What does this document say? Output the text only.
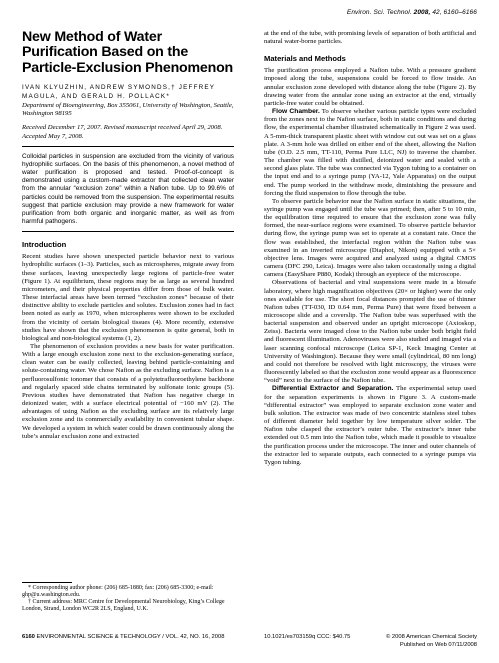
Environ. Sci. Technol. 2008, 42, 6160–6166
New Method of Water Purification Based on the Particle-Exclusion Phenomenon
IVAN KLYUZHIN, ANDREW SYMONDS,† JEFFREY MAGULA, AND GERALD H. POLLACK*
Department of Bioengineering, Box 355061, University of Washington, Seattle, Washington 98195
Received December 17, 2007. Revised manuscript received April 29, 2008. Accepted May 7, 2008.

Colloidal particles in suspension are excluded from the vicinity of various hydrophilic surfaces. On the basis of this phenomenon, a novel method of water purification is proposed and tested. Proof-of-concept is demonstrated using a custom-made extractor that collected clean water from the annular “exclusion zone” within a Nafion tube. Up to 99.6% of particles could be removed from the suspension. The experimental results suggest that particle exclusion may provide a new framework for water purification from both organic and inorganic matter, as well as from harmful pathogens.

Introduction

Recent studies have shown unexpected particle behavior next to various hydrophilic surfaces (1–3). Particles, such as microspheres, migrate away from these surfaces, leaving unexpectedly large regions of particle-free water (Figure 1). At equilibrium, these regions may be as large as several hundred micrometers, and their physical properties differ from those of bulk water. These interfacial areas have been termed “exclusion zones” because of their distinctive ability to exclude particles and solutes. Exclusion zones had in fact been noted as early as 1970, when microspheres were shown to be excluded from the vicinity of certain biological tissues (4). More recently, extensive studies have shown that the exclusion phenomenon is quite general, both in biological and non-biological systems (1, 2).

The phenomenon of exclusion provides a new basis for water purification. With a large enough exclusion zone next to the exclusion-generating surface, clean water can be easily collected, leaving behind particle-containing and solute-containing water. We chose Nafion as the excluding surface. Nafion is a perfluorosulfonic ionomer that consists of a polytetrafluoroethylene backbone and regularly spaced side chains terminated by sulfonate ionic groups (5). Previous studies have demonstrated that Nafion has negative charge in deionized water, with a surface electrical potential of −160 mV (2). The advantages of using Nafion as the excluding surface are its relatively large exclusion zone and its commercially availability in convenient tubular shape. We developed a system in which water could be drawn continuously along the tube’s annular exclusion zone and extracted

* Corresponding author phone: (206) 685-1880; fax: (206) 685-3300; e-mail: ghp@u.washington.edu.

† Current address: MRC Centre for Developmental Neurobiology, King’s College London, Strand, London WC2R 2LS, England, U.K.

at the end of the tube, with promising levels of separation of both artificial and natural water-borne particles.

Materials and Methods

The purification process employed a Nafion tube. With a pressure gradient imposed along the tube, suspensions could be forced to flow inside. An annular exclusion zone developed with distance along the tube (Figure 2). By drawing water from the annular zone using an extractor at the end, virtually particle-free water could be obtained.

Flow Chamber. To observe whether various particle types were excluded from the zones next to the Nafion surface, both in static conditions and during flow, the experimental chamber illustrated schematically in Figure 2 was used. A 5-mm-thick transparent plastic sheet with window cut out was set on a glass plate. A 3-mm hole was drilled on either end of the sheet, allowing the Nafion tube (O.D. 2.5 mm, TT-110, Perma Pure LLC, NJ) to traverse the chamber. The chamber was filled with distilled, deionized water and sealed with a second glass plate. The tube was connected via Tygon tubing to a container on the input end and to a syringe pump (YA-12, Yale Apparatus) on the output end. The pump worked in the withdraw mode, diminishing the pressure and forcing the fluid suspension to flow through the tube.

To observe particle behavior near the Nafion surface in static situations, the syringe pump was engaged until the tube was primed; then, after 5 to 10 min, the equilibration time required to ensure that the exclusion zone was fully formed, the near-surface regions were examined. To observe particle behavior during flow, the syringe pump was set to operate at a constant rate. Once the flow was established, the interfacial region within the Nafion tube was examined in an inverted microscope (Diaphot, Nikon) equipped with a 5× objective lens. Images were acquired and analyzed using a digital CMOS camera (DFC 290, Leica). Images were also taken occasionally using a digital camera (EasyShare P880, Kodak) through an eyepiece of the microscope.

Observations of bacterial and viral suspensions were made in a biosafe laboratory, where high magnification objectives (20× or higher) were the only ones available for use. The short focal distances prompted the use of thinner Nafion tubes (TT-030, ID 0.64 mm, Perma Pure) that were fixed between a microscope slide and a coverslip. The Nafion tube was superfused with the bacterial suspension and observed under an upright microscope (Axioskop, Zeiss). Bacteria were imaged close to the Nafion tube under both bright field and fluorescent illumination. Adenoviruses were also studied and imaged via a laser scanning confocal microscope (Leica SP-1, Keck Imaging Center at University of Washington). Because they were small (cylindrical, 80 nm long) and could not therefore be resolved with light microscopy, the viruses were fluorescently labeled so that the exclusion zone would appear as a fluorescence “void” next to the surface of the Nafion tube.

Differential Extractor and Separation. The experimental setup used for the separation experiments is shown in Figure 3. A custom-made “differential extractor” was employed to separate exclusion zone water and bulk solution. The extractor was made of two concentric stainless steel tubes of different diameter held together by low temperature silver solder. The Nafion tube clasped the extractor’s outer tube. The extractor’s inner tube extended out 0.5 mm into the Nafion tube, which made it possible to visualize the purification process under the microscope. The inner and outer channels of the extractor led to separate outputs, each connected to a syringe pumps via Tygon tubing.

6160 ENVIRONMENTAL SCIENCE & TECHNOLOGY / VOL. 42, NO. 16, 2008	10.1021/es703159q CCC: $40.75	© 2008 American Chemical Society
Published on Web 07/11/2008
